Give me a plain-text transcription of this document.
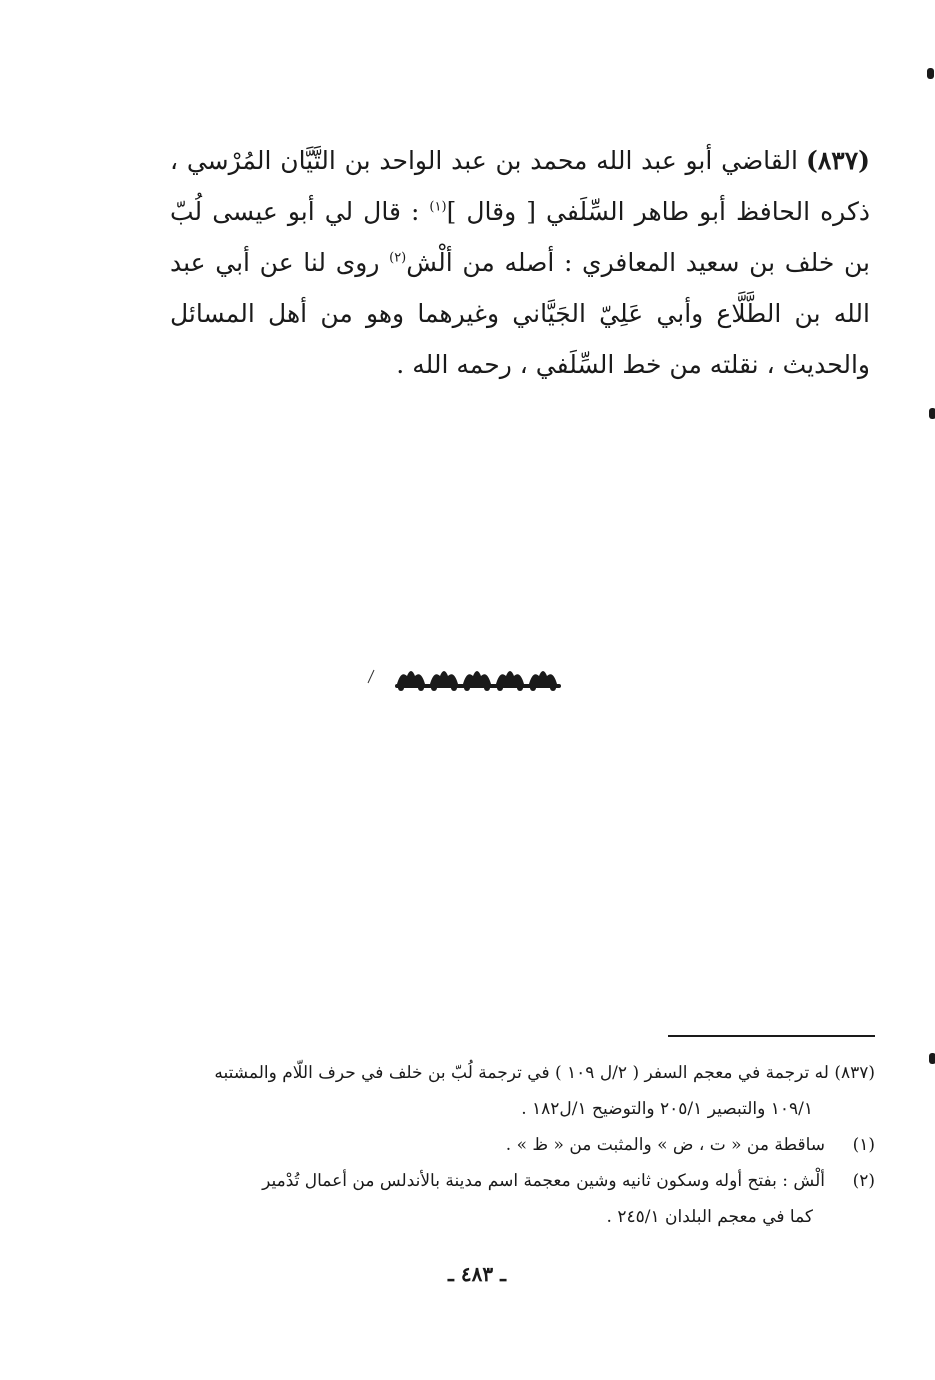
(٨٣٧)القاضي أبو عبد الله محمد بن عبد الواحد بن التَّيَّان المُرْسي ، ذكره الحافظ أبو طاهر السِّلَفي [ وقال ]$^{(١)}$ : قال لي أبو عيسى لُبّ بن خلف بن سعيد المعافري : أصله من ألْش$^{(٢)}$ روى لنا عن أبي عبد الله بن الطَّلَّاع وأبي عَلِيّ الجَيَّاني وغيرهما وهو من أهل المسائل والحديث ، نقلته من خط السِّلَفي ، رحمه الله .
(٨٣٧) له ترجمة في معجم السفر ( ٢/ل ١٠٩ ) في ترجمة لُبّ بن خلف في حرف اللّام والمشتبه
١٠٩/١ والتبصير ٢٠٥/١ والتوضيح ١/ل١٨٢ .
(١)ساقطة من « ت ، ض » والمثبت من « ظ » .
(٢)ألْش : بفتح أوله وسكون ثانيه وشين معجمة اسم مدينة بالأندلس من أعمال تُدْمير
كما في معجم البلدان ٢٤٥/١ .
ـ ٤٨٣ ـ
